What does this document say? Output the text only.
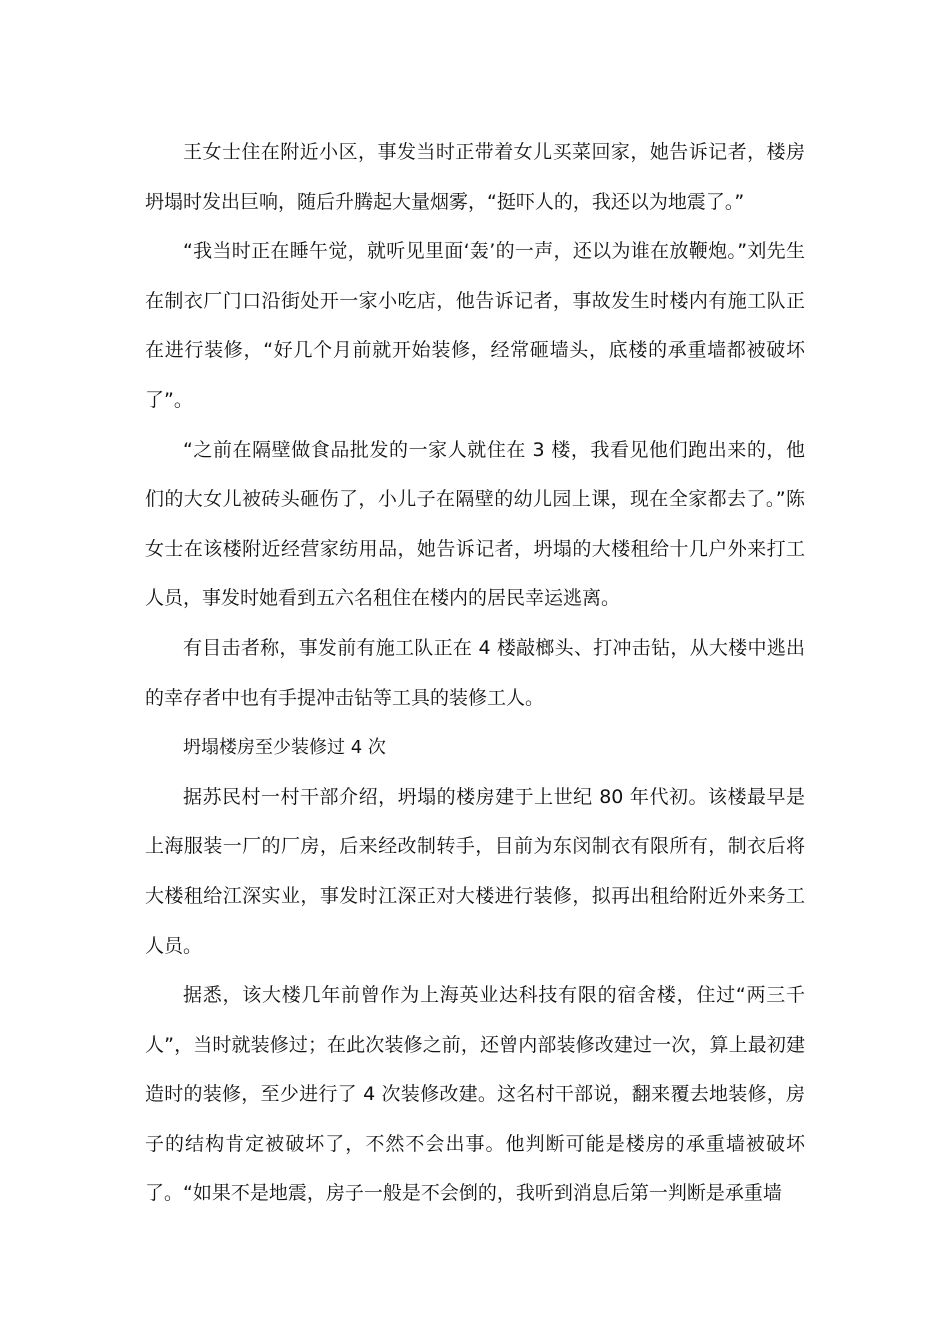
王女士住在附近小区，事发当时正带着女儿买菜回家，她告诉记者，楼房坍塌时发出巨响，随后升腾起大量烟雾，“挺吓人的，我还以为地震了。”

“我当时正在睡午觉，就听见里面‘轰’的一声，还以为谁在放鞭炮。”刘先生在制衣厂门口沿街处开一家小吃店，他告诉记者，事故发生时楼内有施工队正在进行装修，“好几个月前就开始装修，经常砸墙头，底楼的承重墙都被破坏了”。

“之前在隔壁做食品批发的一家人就住在 3 楼，我看见他们跑出来的，他们的大女儿被砖头砸伤了，小儿子在隔壁的幼儿园上课，现在全家都去了。”陈女士在该楼附近经营家纺用品，她告诉记者，坍塌的大楼租给十几户外来打工人员，事发时她看到五六名租住在楼内的居民幸运逃离。

有目击者称，事发前有施工队正在 4 楼敲榔头、打冲击钻，从大楼中逃出的幸存者中也有手提冲击钻等工具的装修工人。

坍塌楼房至少装修过 4 次

据苏民村一村干部介绍，坍塌的楼房建于上世纪 80 年代初。该楼最早是上海服装一厂的厂房，后来经改制转手，目前为东闵制衣有限所有，制衣后将大楼租给江深实业，事发时江深正对大楼进行装修，拟再出租给附近外来务工人员。

据悉，该大楼几年前曾作为上海英业达科技有限的宿舍楼，住过“两三千人”，当时就装修过；在此次装修之前，还曾内部装修改建过一次，算上最初建造时的装修，至少进行了 4 次装修改建。这名村干部说，翻来覆去地装修，房子的结构肯定被破坏了，不然不会出事。他判断可能是楼房的承重墙被破坏了。“如果不是地震，房子一般是不会倒的，我听到消息后第一判断是承重墙
